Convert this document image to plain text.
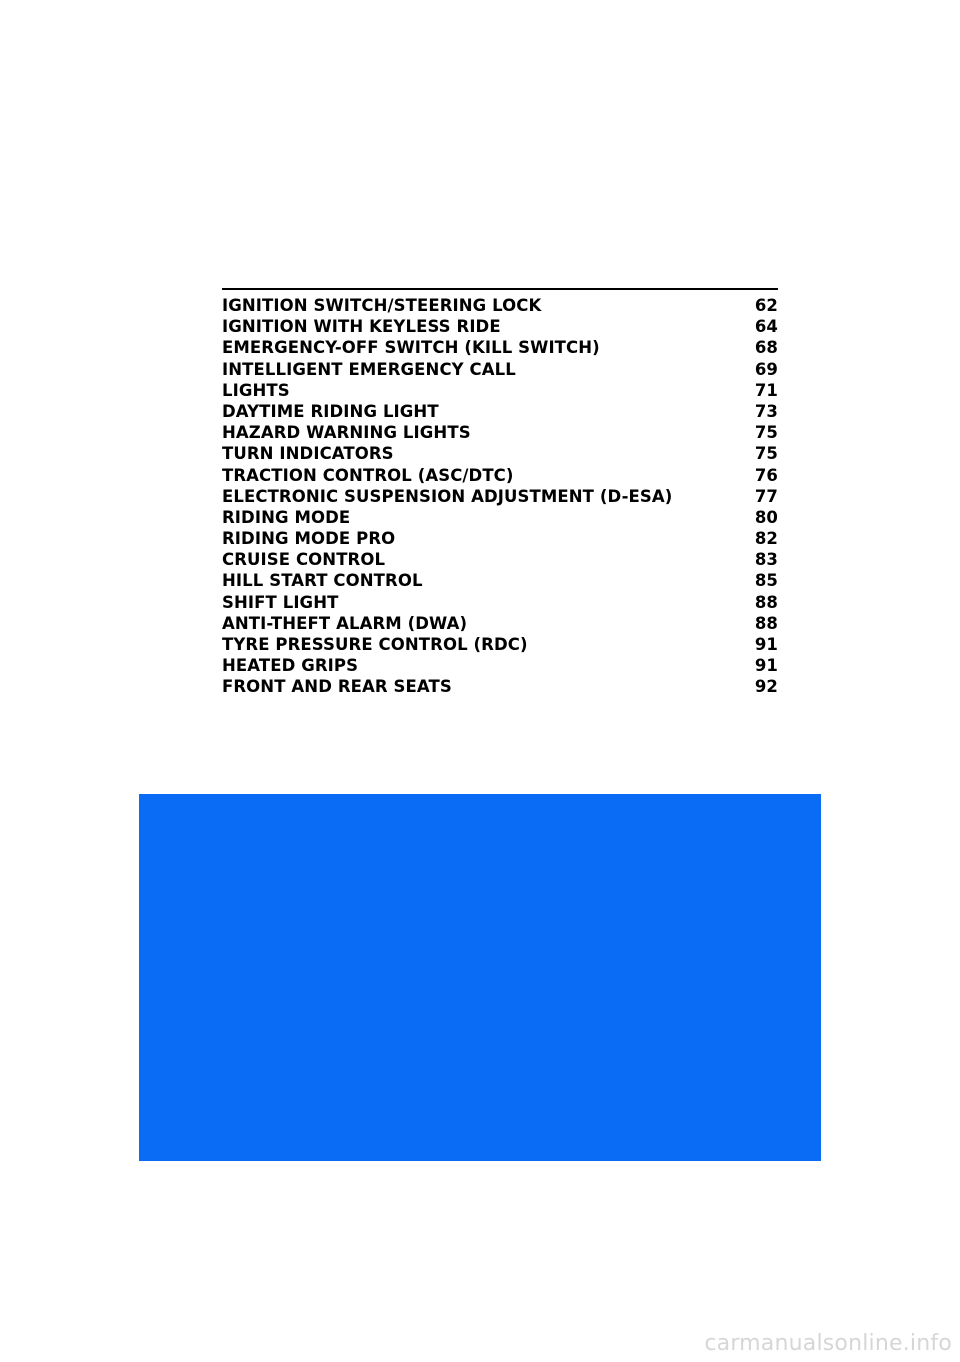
IGNITION SWITCH/STEERING LOCK	62
IGNITION WITH KEYLESS RIDE	64
EMERGENCY-OFF SWITCH (KILL SWITCH)	68
INTELLIGENT EMERGENCY CALL	69
LIGHTS	71
DAYTIME RIDING LIGHT	73
HAZARD WARNING LIGHTS	75
TURN INDICATORS	75
TRACTION CONTROL (ASC/DTC)	76
ELECTRONIC SUSPENSION ADJUSTMENT (D-ESA)	77
RIDING MODE	80
RIDING MODE PRO	82
CRUISE CONTROL	83
HILL START CONTROL	85
SHIFT LIGHT	88
ANTI-THEFT ALARM (DWA)	88
TYRE PRESSURE CONTROL (RDC)	91
HEATED GRIPS	91
FRONT AND REAR SEATS	92
carmanualsonline.info
